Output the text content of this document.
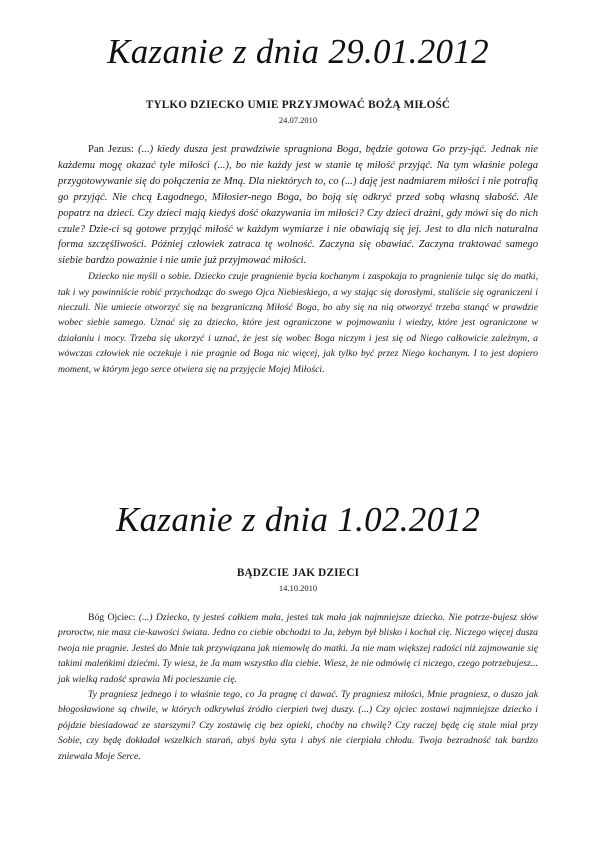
Kazanie z dnia 29.01.2012
TYLKO DZIECKO UMIE PRZYJMOWAĆ BOŻĄ MIŁOŚĆ
24.07.2010

Pan Jezus: (...) kiedy dusza jest prawdziwie spragniona Boga, będzie gotowa Go przy-jąć. Jednak nie każdemu mogę okazać tyle miłości (...), bo nie każdy jest w stanie tę miłość przyjąć. Na tym właśnie polega przygotowywanie się do połączenia ze Mną. Dla niektórych to, co (...) daję jest nadmiarem miłości i nie potrafią go przyjąć. Nie chcą Łagodnego, Miłosier-nego Boga, bo boją się odkryć przed sobą własną słabość. Ale popatrz na dzieci. Czy dzieci mają kiedyś dość okazywania im miłości? Czy dzieci drażni, gdy mówi się do nich czule? Dzie-ci są gotowe przyjąć miłość w każdym wymiarze i nie obawiają się jej. Jest to dla nich naturalna forma szczęśliwości. Później człowiek zatraca tę wolność. Zaczyna się obawiać. Zaczyna traktować samego siebie bardzo poważnie i nie umie już przyjmować miłości.

Dziecko nie myśli o sobie. Dziecko czuje pragnienie bycia kochanym i zaspokaja to pragnienie tuląc się do matki, tak i wy powinniście robić przychodząc do swego Ojca Niebieskiego, a wy stając się dorosłymi, staliście się ograniczeni i nieczuli. Nie umiecie otworzyć się na bezgraniczną Miłość Boga, bo aby się na nią otworzyć trzeba stanąć w prawdzie wobec siebie samego. Uznać się za dziecko, które jest ograniczone w pojmowaniu i wiedzy, które jest ograniczone w działaniu i mocy. Trzeba się ukorzyć i uznać, że jest się wobec Boga niczym i jest się od Niego całkowicie zależnym, a wówczas człowiek nie oczekuje i nie pragnie od Boga nic więcej, jak tylko być przez Niego kochanym. I to jest dopiero moment, w którym jego serce otwiera się na przyjęcie Mojej Miłości.

Kazanie z dnia 1.02.2012
BĄDZCIE JAK DZIECI
14.10.2010

Bóg Ojciec: (...) Dziecko, ty jesteś całkiem mała, jesteś tak mała jak najmniejsze dziecko. Nie potrze-bujesz słów proroctw, nie masz cie-kawości świata. Jedno co ciebie obchodzi to Ja, żebym był blisko i kochał cię. Niczego więcej dusza twoja nie pragnie. Jesteś do Mnie tak przywiązana jak niemowlę do matki. Ja nie mam większej radości niż zajmowanie się takimi maleńkimi dziećmi. Ty wiesz, że Ja mam wszystko dla ciebie. Wiesz, że nie odmówię ci niczego, czego potrzebujesz... jak wielką radość sprawia Mi pocieszanie cię.

Ty pragniesz jednego i to właśnie tego, co Ja pragnę ci dawać. Ty pragniesz miłości, Mnie pragniesz, o duszo jak błogosławione są chwile, w których odkrywłaś źródło cierpień twej duszy. (...) Czy ojciec zostawi najmniejsze dziecko i pójdzie biesiadować ze starszymi? Czy zostawię cię bez opieki, choćby na chwilę? Czy raczej będę cię stale miał przy Sobie, czy będę dokładał wszelkich starań, abyś była syta i abyś nie cierpiała chłodu. Twoja bezradność tak bardzo zniewala Moje Serce.
